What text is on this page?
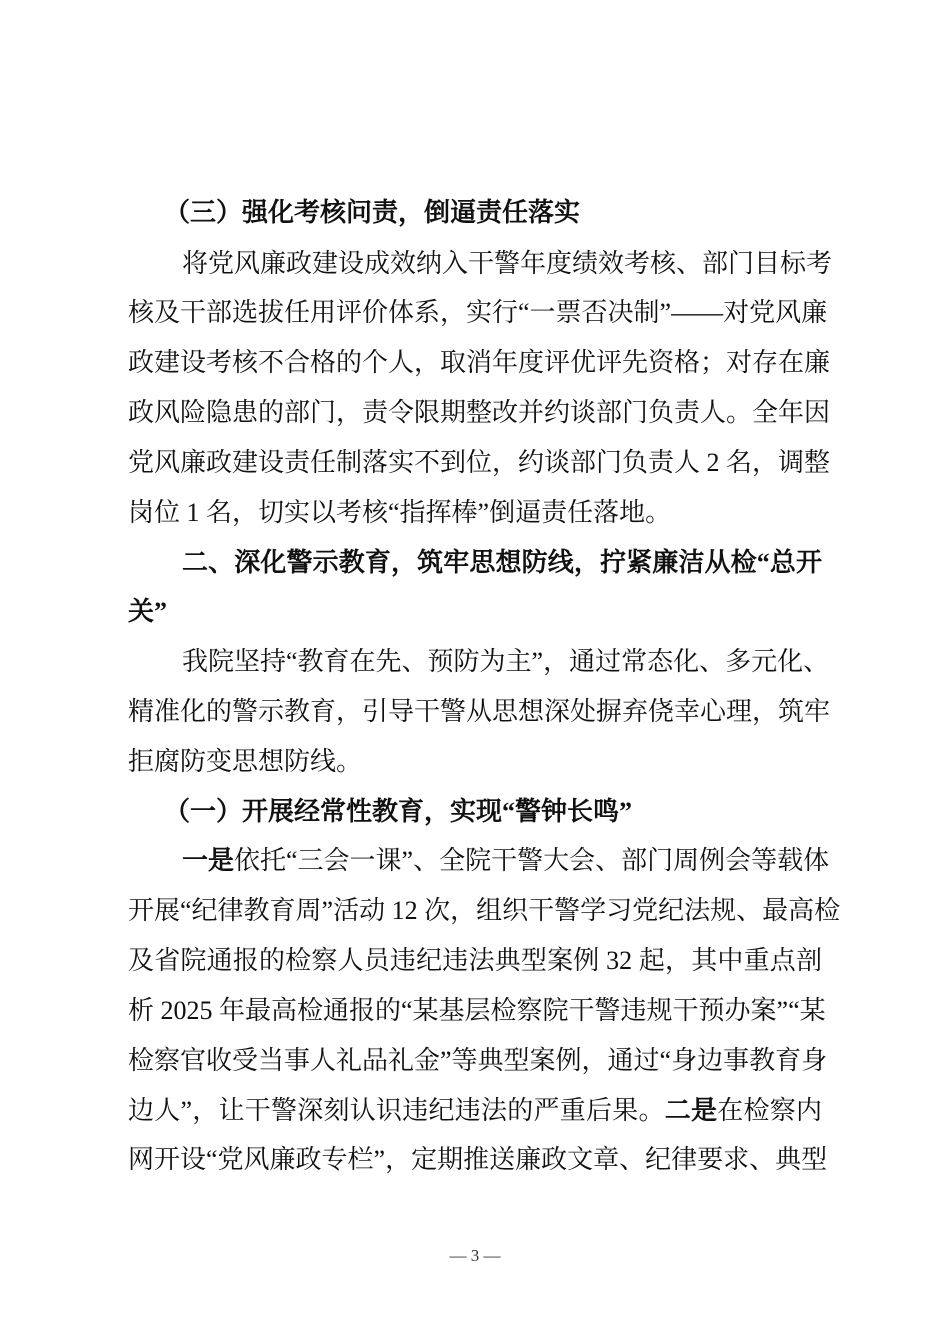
（三）强化考核问责，倒逼责任落实
将党风廉政建设成效纳入干警年度绩效考核、部门目标考
核及干部选拔任用评价体系，实行“一票否决制”——对党风廉
政建设考核不合格的个人，取消年度评优评先资格；对存在廉
政风险隐患的部门，责令限期整改并约谈部门负责人。全年因
党风廉政建设责任制落实不到位，约谈部门负责人 2 名，调整
岗位 1 名，切实以考核“指挥棒”倒逼责任落地。
二、深化警示教育，筑牢思想防线，拧紧廉洁从检“总开
关”
我院坚持“教育在先、预防为主”，通过常态化、多元化、
精准化的警示教育，引导干警从思想深处摒弃侥幸心理，筑牢
拒腐防变思想防线。
（一）开展经常性教育，实现“警钟长鸣”
一是依托“三会一课”、全院干警大会、部门周例会等载体
开展“纪律教育周”活动 12 次，组织干警学习党纪法规、最高检
及省院通报的检察人员违纪违法典型案例 32 起，其中重点剖
析 2025 年最高检通报的“某基层检察院干警违规干预办案”“某
检察官收受当事人礼品礼金”等典型案例，通过“身边事教育身
边人”，让干警深刻认识违纪违法的严重后果。二是在检察内
网开设“党风廉政专栏”，定期推送廉政文章、纪律要求、典型
— 3 —
